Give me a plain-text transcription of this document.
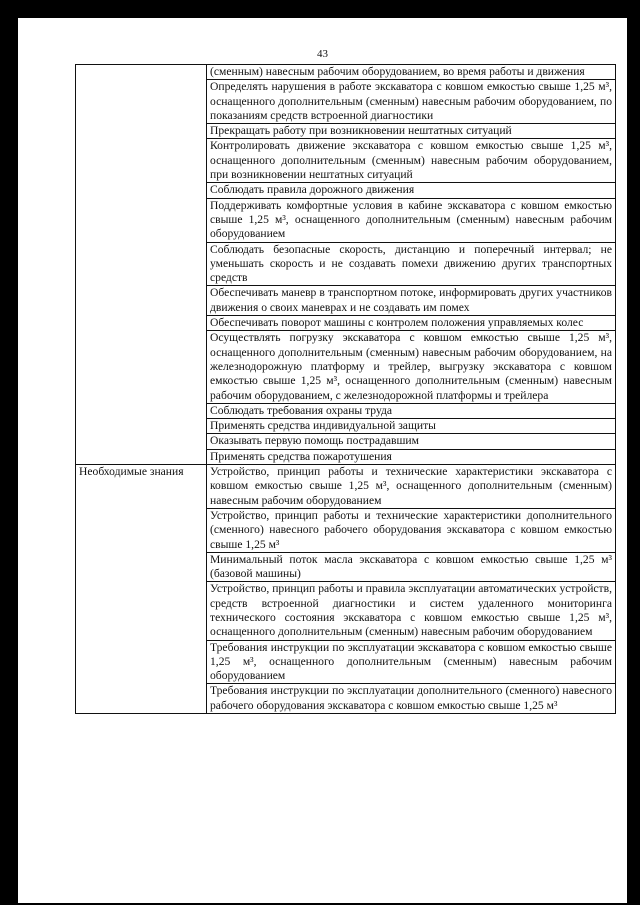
43
	(сменным) навесным рабочим оборудованием, во время работы и движения
	Определять нарушения в работе экскаватора с ковшом емкостью свыше 1,25 м³, оснащенного дополнительным (сменным) навесным рабочим оборудованием, по показаниям средств встроенной диагностики
	Прекращать работу при возникновении нештатных ситуаций
	Контролировать движение экскаватора с ковшом емкостью свыше 1,25 м³, оснащенного дополнительным (сменным) навесным рабочим оборудованием, при возникновении нештатных ситуаций
	Соблюдать правила дорожного движения
	Поддерживать комфортные условия в кабине экскаватора с ковшом емкостью свыше 1,25 м³, оснащенного дополнительным (сменным) навесным рабочим оборудованием
	Соблюдать безопасные скорость, дистанцию и поперечный интервал; не уменьшать скорость и не создавать помехи движению других транспортных средств
	Обеспечивать маневр в транспортном потоке, информировать других участников движения о своих маневрах и не создавать им помех
	Обеспечивать поворот машины с контролем положения управляемых колес
	Осуществлять погрузку экскаватора с ковшом емкостью свыше 1,25 м³, оснащенного дополнительным (сменным) навесным рабочим оборудованием, на железнодорожную платформу и трейлер, выгрузку экскаватора с ковшом емкостью свыше 1,25 м³, оснащенного дополнительным (сменным) навесным рабочим оборудованием, с железнодорожной платформы и трейлера
	Соблюдать требования охраны труда
	Применять средства индивидуальной защиты
	Оказывать первую помощь пострадавшим
	Применять средства пожаротушения
Необходимые знания	Устройство, принцип работы и технические характеристики экскаватора с ковшом емкостью свыше 1,25 м³, оснащенного дополнительным (сменным) навесным рабочим оборудованием
	Устройство, принцип работы и технические характеристики дополнительного (сменного) навесного рабочего оборудования экскаватора с ковшом емкостью свыше 1,25 м³
	Минимальный поток масла экскаватора с ковшом емкостью свыше 1,25 м³ (базовой машины)
	Устройство, принцип работы и правила эксплуатации автоматических устройств, средств встроенной диагностики и систем удаленного мониторинга технического состояния экскаватора с ковшом емкостью свыше 1,25 м³, оснащенного дополнительным (сменным) навесным рабочим оборудованием
	Требования инструкции по эксплуатации экскаватора с ковшом емкостью свыше 1,25 м³, оснащенного дополнительным (сменным) навесным рабочим оборудованием
	Требования инструкции по эксплуатации дополнительного (сменного) навесного рабочего оборудования экскаватора с ковшом емкостью свыше 1,25 м³
